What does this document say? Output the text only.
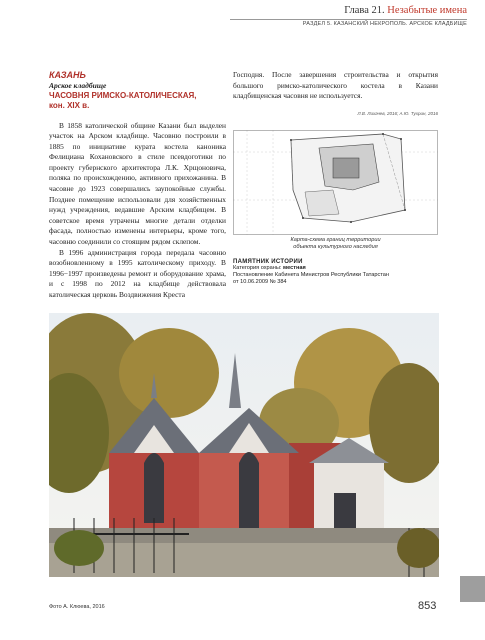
Глава 21. Незабытые имена
РАЗДЕЛ 5. КАЗАНСКИЙ НЕКРОПОЛЬ. АРСКОЕ КЛАДБИЩЕ
КАЗАНЬ
Арское кладбище
ЧАСОВНЯ РИМСКО-КАТОЛИЧЕСКАЯ,
кон. XIX в.

В 1858 католической общине Казани был выделен участок на Арском кладбище. Часовню построили в 1885 по инициативе курата костела каноника Фелициана Кохановского в стиле псевдоготики по проекту губернского архитектора Л.К. Хрщоновича, поляка по происхождению, активного прихожанина. В часовне до 1923 совершались заупокойные службы. Позднее помещение использовали для хозяйственных нужд учреждения, ведавшие Арским кладбищем. В советское время утрачены многие детали отделки фасада, полностью изменены интерьеры, кроме того, часовню соединили со стоящим рядом склепом.

В 1996 администрация города передала часовню возобновленному в 1995 католическому приходу. В 1996−1997 произведены ремонт и оборудование храма, и с 1998 по 2012 на кладбище действовала католическая церковь Воздвижения Креста

Господня. После завершения строительства и открытия большого римско-католического костела в Казани кладбищенская часовня не используется.

Л.В. Лихачев, 2016; А.Ю. Тухрин, 2016
Карта-схема границ территории
объекта культурного наследия
ПАМЯТНИК ИСТОРИИ
Категория охраны: местная
Постановление Кабинета Министров Республики Татарстан
от 10.06.2009 № 384
Фото А. Клюева, 2016	853
